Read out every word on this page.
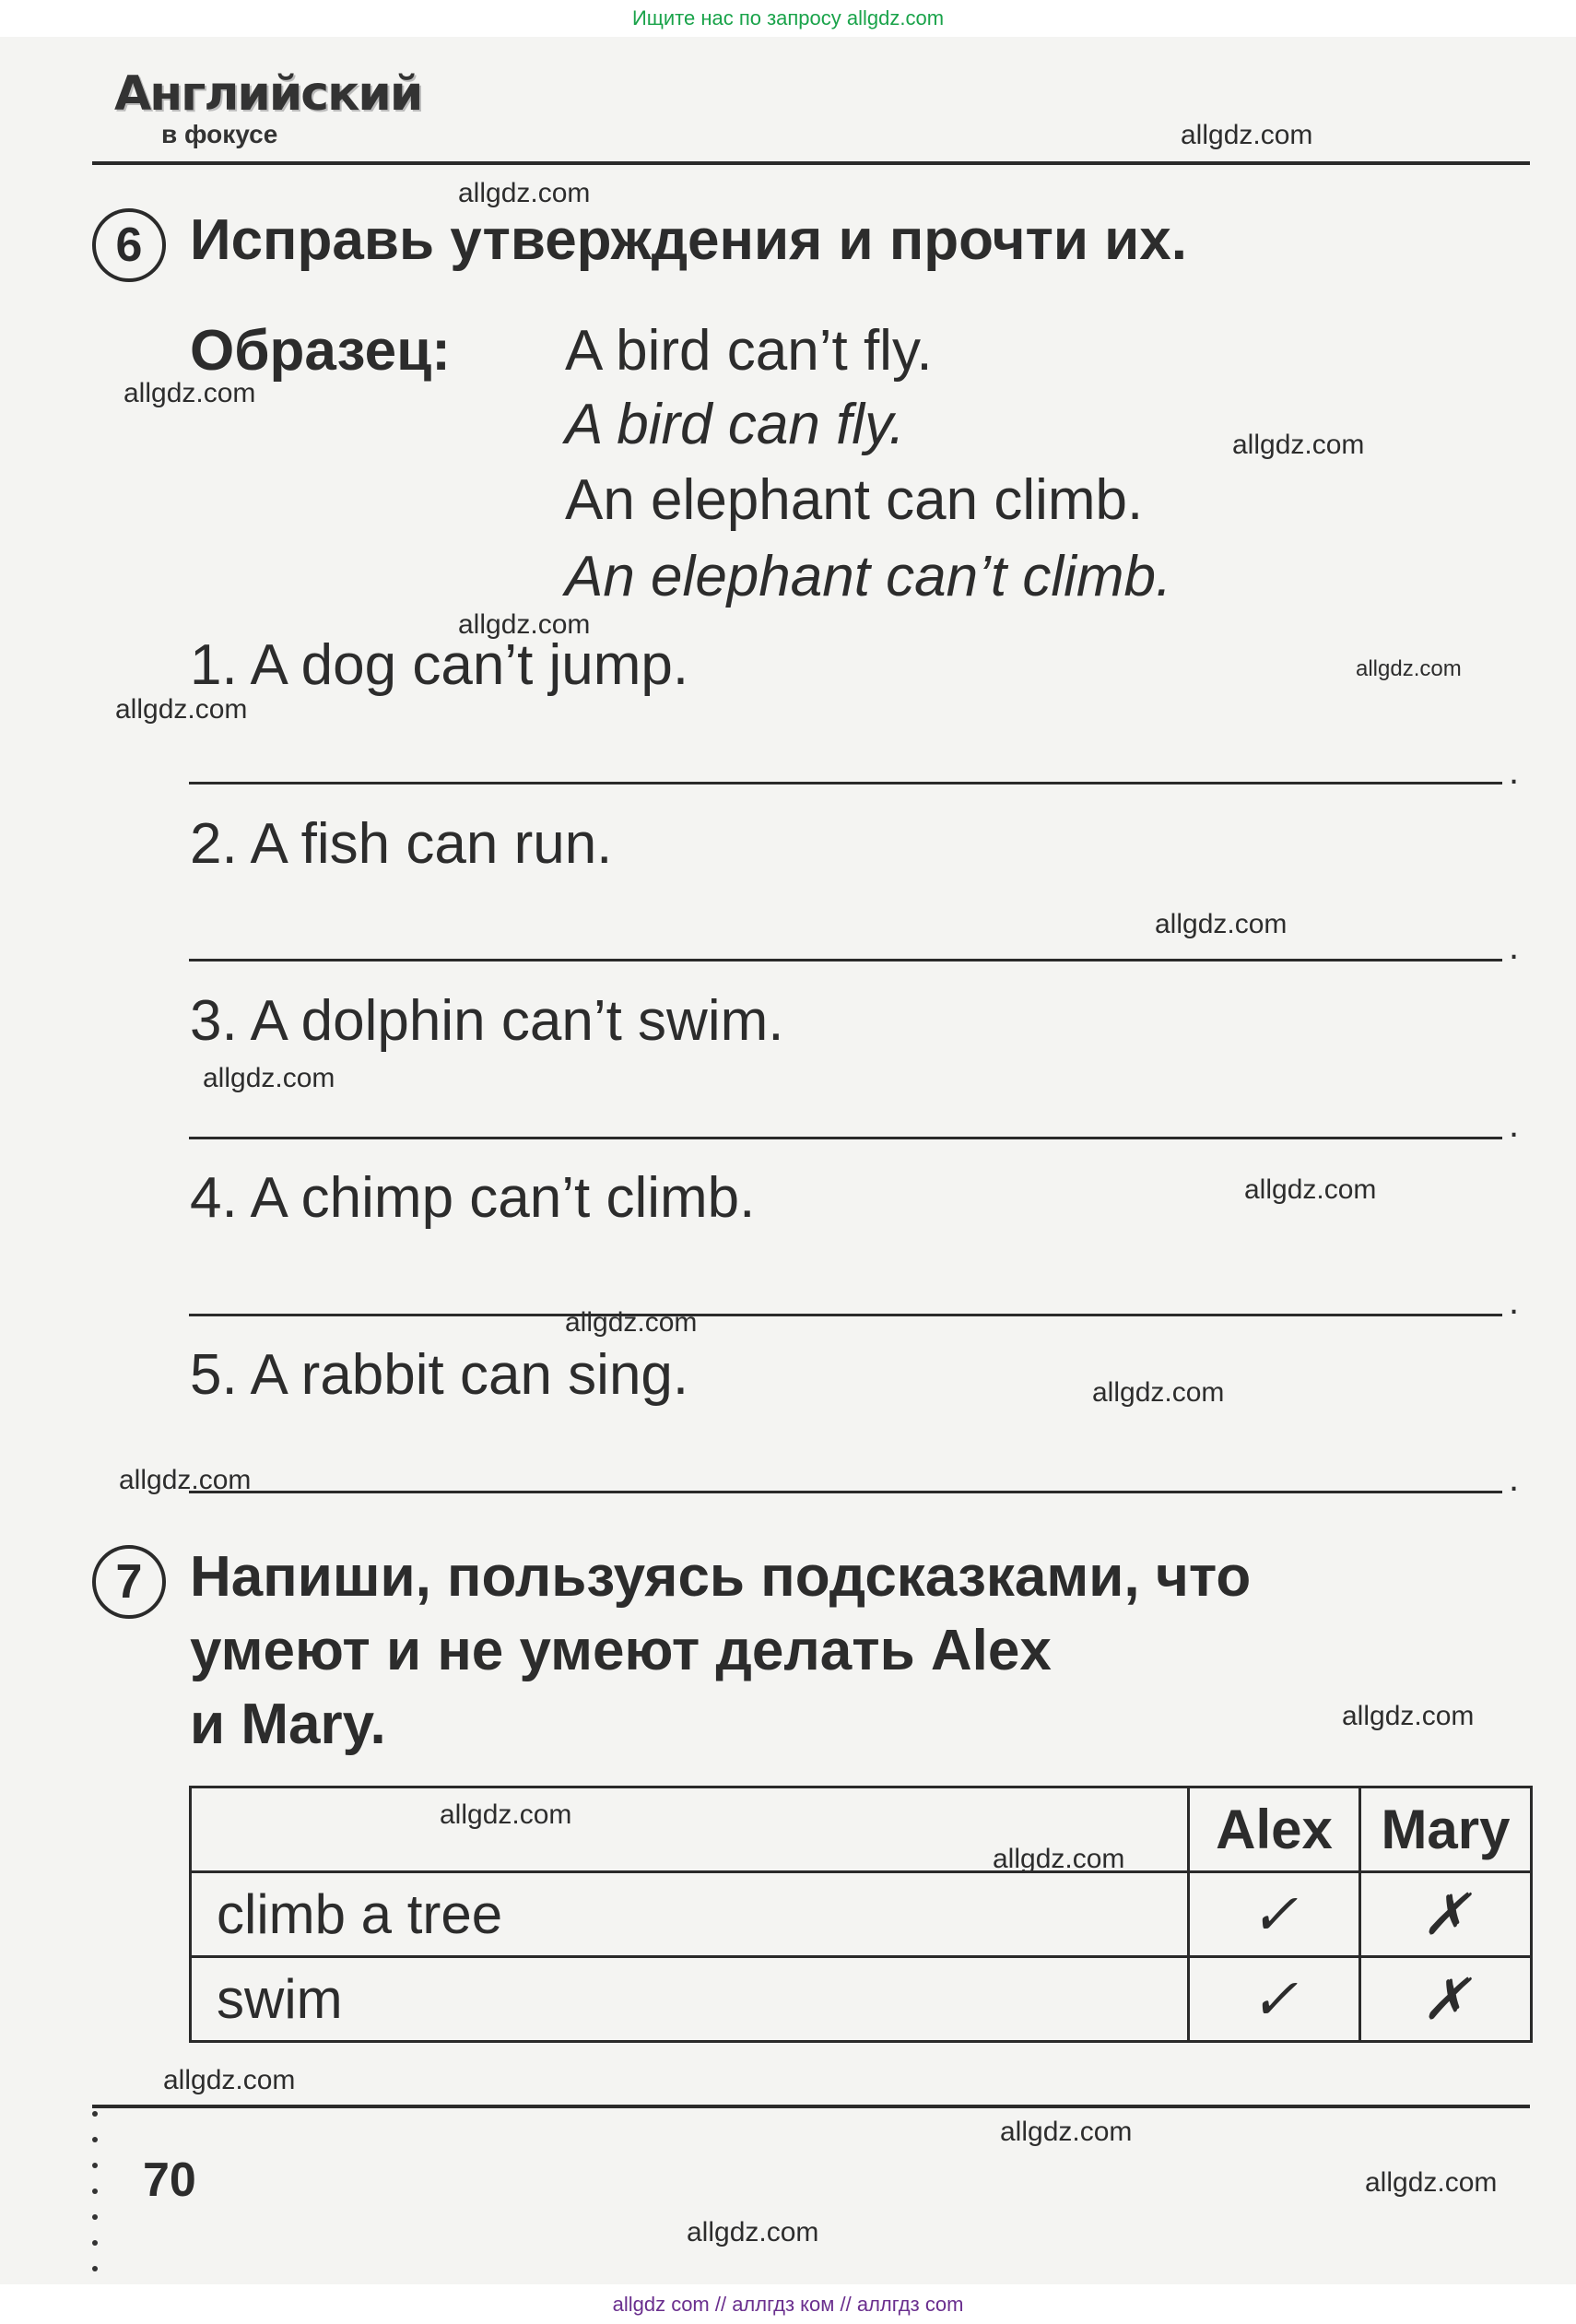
Ищите нас по запросу allgdz.com
Английский
в фокусе
6 Исправь утверждения и прочти их.
Образец: A bird can’t fly.
A bird can fly.
An elephant can climb.
An elephant can’t climb.
1. A dog can’t jump.
.
2. A fish can run.
.
3. A dolphin can’t swim.
.
4. A chimp can’t climb.
.
5. A rabbit can sing.
.
7 Напиши, пользуясь подсказками, что
умеют и не умеют делать Alex
и Mary.
	Alex	Mary
climb a tree	✓	✗
swim	✓	✗
70
allgdz.com
allgdz.com
allgdz.com
allgdz.com
allgdz.com
allgdz.com
allgdz.com
allgdz.com
allgdz.com
allgdz.com
allgdz.com
allgdz.com
allgdz.com
allgdz.com
allgdz.com
allgdz.com
allgdz.com
allgdz.com
allgdz.com
allgdz.com
allgdz com // аллгдз ком // аллгдз com
